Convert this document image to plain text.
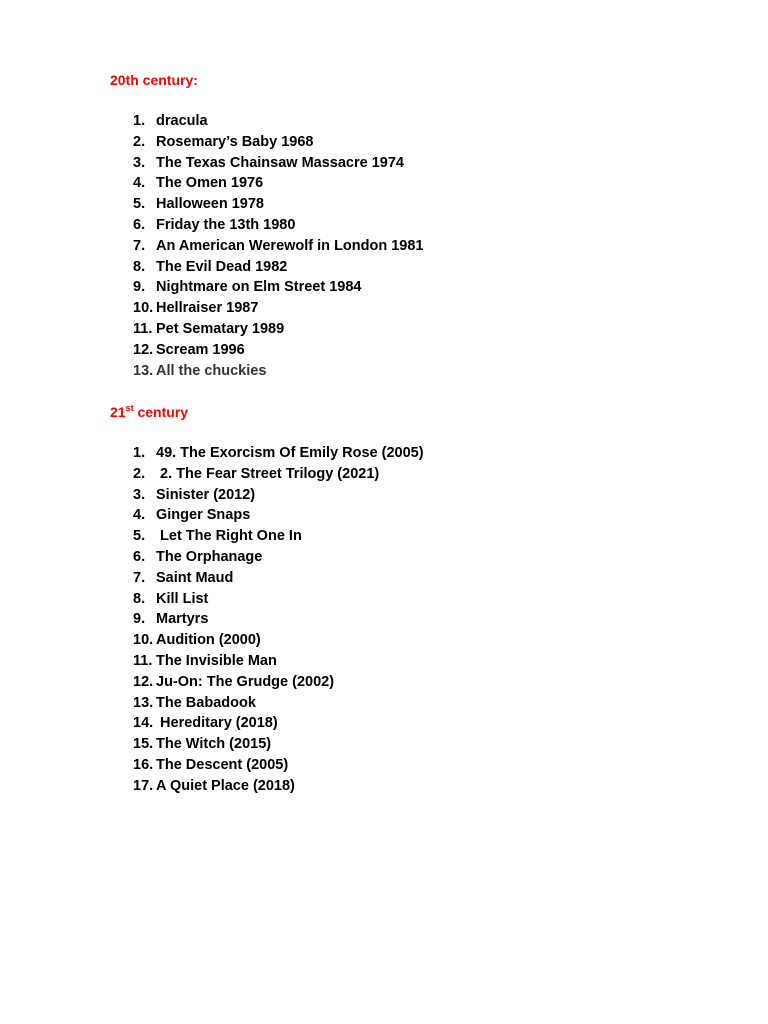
20th century:
1. dracula
2. Rosemary’s Baby 1968
3. The Texas Chainsaw Massacre 1974
4. The Omen 1976
5. Halloween 1978
6. Friday the 13th 1980
7. An American Werewolf in London 1981
8. The Evil Dead 1982
9. Nightmare on Elm Street 1984
10. Hellraiser 1987
11. Pet Sematary 1989
12. Scream 1996
13. All the chuckies
21st century
1. 49. The Exorcism Of Emily Rose (2005)
2. 2. The Fear Street Trilogy (2021)
3. Sinister (2012)
4. Ginger Snaps
5. Let The Right One In
6. The Orphanage
7. Saint Maud
8. Kill List
9. Martyrs
10. Audition (2000)
11. The Invisible Man
12. Ju-On: The Grudge (2002)
13. The Babadook
14. Hereditary (2018)
15. The Witch (2015)
16. The Descent (2005)
17. A Quiet Place (2018)
